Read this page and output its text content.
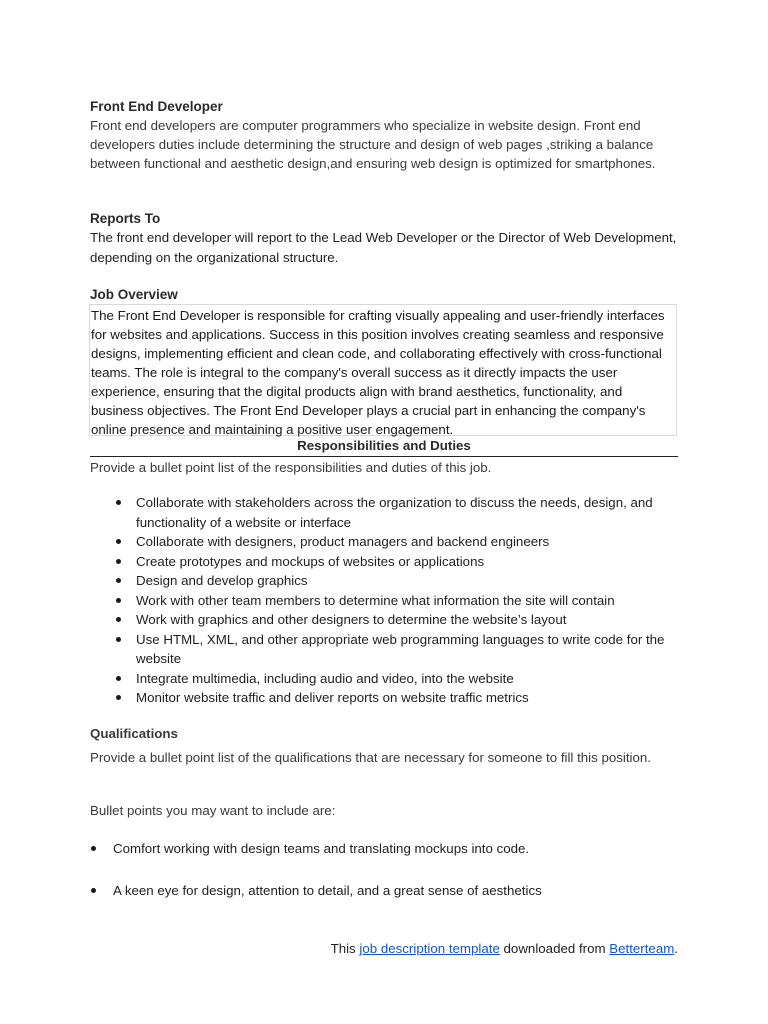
Front End Developer

Front end developers are computer programmers who specialize in website design. Front end developers duties include determining the structure and design of web pages ,striking a balance between functional and aesthetic design,and ensuring web design is optimized for smartphones.

Reports To

The front end developer will report to the Lead Web Developer or the Director of Web Development, depending on the organizational structure.

Job Overview

The Front End Developer is responsible for crafting visually appealing and user-friendly interfaces for websites and applications. Success in this position involves creating seamless and responsive designs, implementing efficient and clean code, and collaborating effectively with cross-functional teams. The role is integral to the company's overall success as it directly impacts the user experience, ensuring that the digital products align with brand aesthetics, functionality, and business objectives. The Front End Developer plays a crucial part in enhancing the company's online presence and maintaining a positive user engagement.
Responsibilities and Duties

Provide a bullet point list of the responsibilities and duties of this job.

Collaborate with stakeholders across the organization to discuss the needs, design, and functionality of a website or interface
Collaborate with designers, product managers and backend engineers
Create prototypes and mockups of websites or applications
Design and develop graphics
Work with other team members to determine what information the site will contain
Work with graphics and other designers to determine the website’s layout
Use HTML, XML, and other appropriate web programming languages to write code for the website
Integrate multimedia, including audio and video, into the website
Monitor website traffic and deliver reports on website traffic metrics

Qualifications

Provide a bullet point list of the qualifications that are necessary for someone to fill this position.

Bullet points you may want to include are:

Comfort working with design teams and translating mockups into code.
A keen eye for design, attention to detail, and a great sense of aesthetics
This job description template downloaded from Betterteam.
